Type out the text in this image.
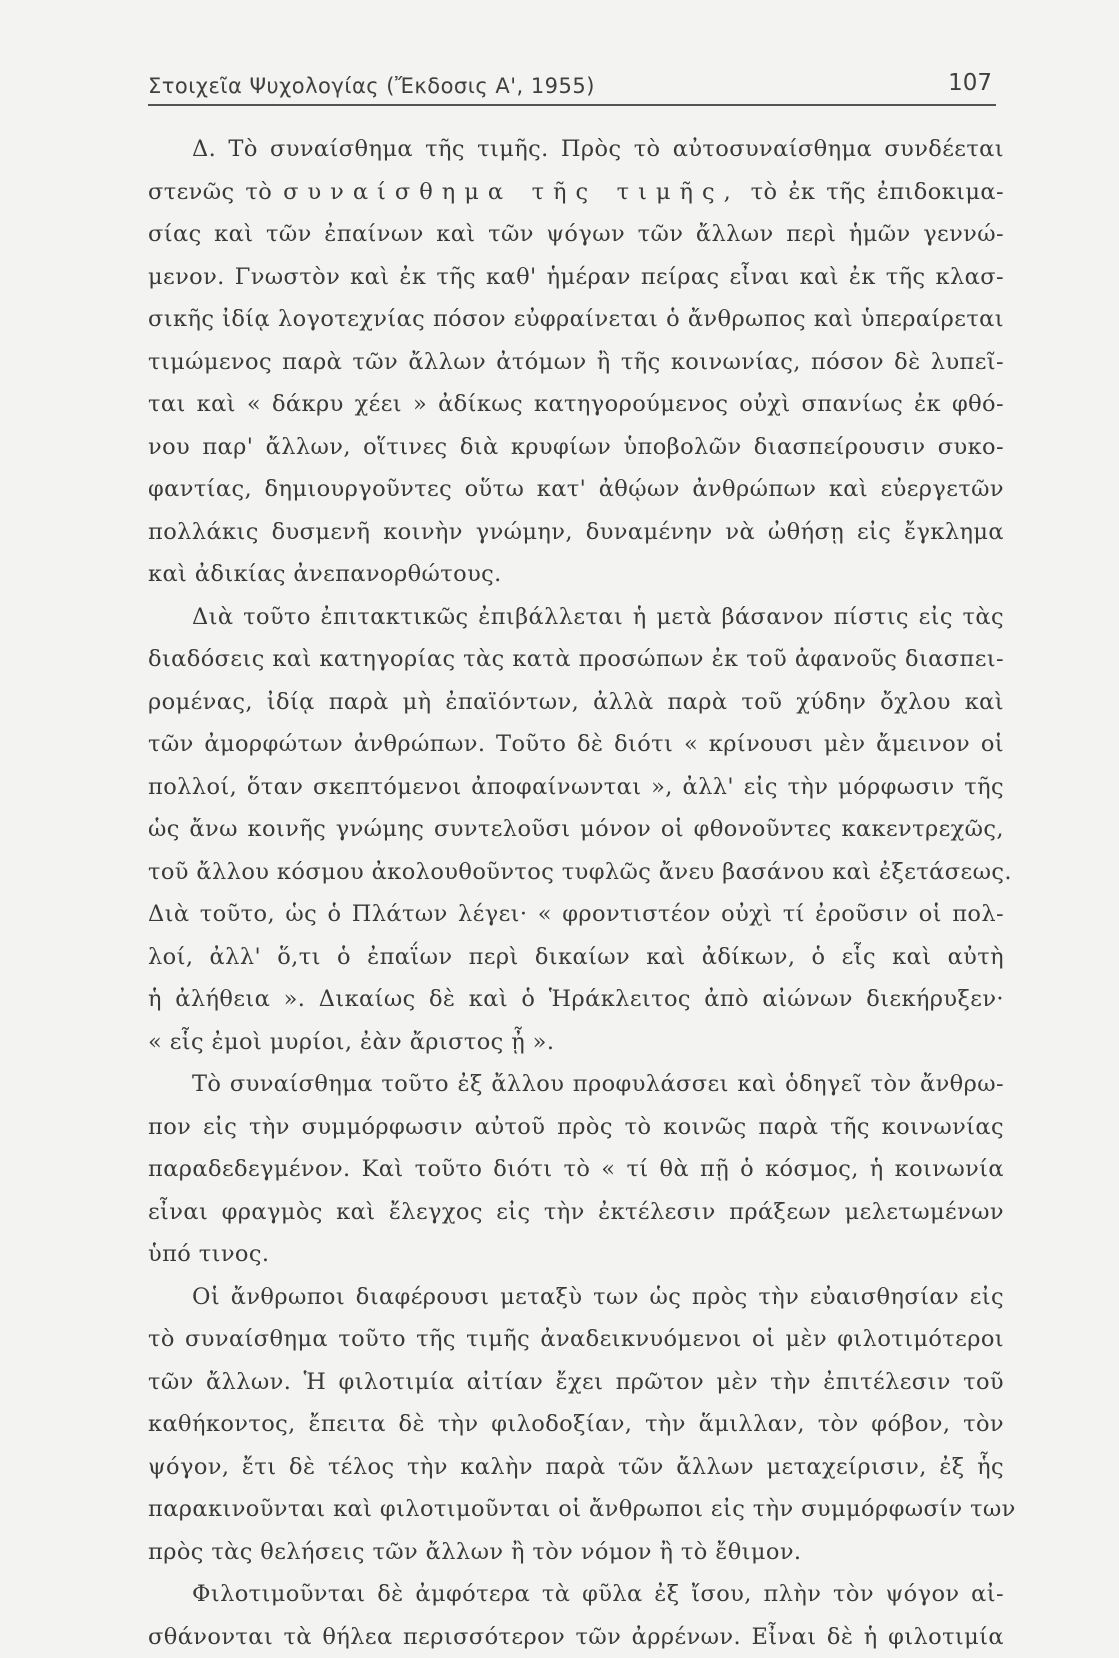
Στοιχεῖα Ψυχολογίας (Ἔκδοσις Α', 1955)	107
Δ. Τὸ συναίσθημα τῆς τιμῆς. Πρὸς τὸ αὐτοσυναίσθημα συνδέεται
στενῶς τὸ συναίσθημα τῆς τιμῆς, τὸ ἐκ τῆς ἐπιδοκιμα-
σίας καὶ τῶν ἐπαίνων καὶ τῶν ψόγων τῶν ἄλλων περὶ ἡμῶν γεννώ-
μενον. Γνωστὸν καὶ ἐκ τῆς καθ' ἡμέραν πείρας εἶναι καὶ ἐκ τῆς κλασ-
σικῆς ἰδίᾳ λογοτεχνίας πόσον εὐφραίνεται ὁ ἄνθρωπος καὶ ὑπεραίρεται
τιμώμενος παρὰ τῶν ἄλλων ἀτόμων ἢ τῆς κοινωνίας, πόσον δὲ λυπεῖ-
ται καὶ « δάκρυ χέει » ἀδίκως κατηγορούμενος οὐχὶ σπανίως ἐκ φθό-
νου παρ' ἄλλων, οἵτινες διὰ κρυφίων ὑποβολῶν διασπείρουσιν συκο-
φαντίας, δημιουργοῦντες οὕτω κατ' ἀθῴων ἀνθρώπων καὶ εὐεργετῶν
πολλάκις δυσμενῆ κοινὴν γνώμην, δυναμένην νὰ ὠθήσῃ εἰς ἔγκλημα
καὶ ἀδικίας ἀνεπανορθώτους.
Διὰ τοῦτο ἐπιτακτικῶς ἐπιβάλλεται ἡ μετὰ βάσανον πίστις εἰς τὰς
διαδόσεις καὶ κατηγορίας τὰς κατὰ προσώπων ἐκ τοῦ ἀφανοῦς διασπει-
ρομένας, ἰδίᾳ παρὰ μὴ ἐπαϊόντων, ἀλλὰ παρὰ τοῦ χύδην ὄχλου καὶ
τῶν ἀμορφώτων ἀνθρώπων. Τοῦτο δὲ διότι « κρίνουσι μὲν ἄμεινον οἱ
πολλοί, ὅταν σκεπτόμενοι ἀποφαίνωνται », ἀλλ' εἰς τὴν μόρφωσιν τῆς
ὡς ἄνω κοινῆς γνώμης συντελοῦσι μόνον οἱ φθονοῦντες κακεντρεχῶς,
τοῦ ἄλλου κόσμου ἀκολουθοῦντος τυφλῶς ἄνευ βασάνου καὶ ἐξετάσεως.
Διὰ τοῦτο, ὡς ὁ Πλάτων λέγει· « φροντιστέον οὐχὶ τί ἐροῦσιν οἱ πολ-
λοί, ἀλλ' ὅ,τι ὁ ἐπαΐων περὶ δικαίων καὶ ἀδίκων, ὁ εἷς καὶ αὐτὴ
ἡ ἀλήθεια ». Δικαίως δὲ καὶ ὁ Ἡράκλειτος ἀπὸ αἰώνων διεκήρυξεν·
« εἷς ἐμοὶ μυρίοι, ἐὰν ἄριστος ᾖ ».
Τὸ συναίσθημα τοῦτο ἐξ ἄλλου προφυλάσσει καὶ ὁδηγεῖ τὸν ἄνθρω-
πον εἰς τὴν συμμόρφωσιν αὐτοῦ πρὸς τὸ κοινῶς παρὰ τῆς κοινωνίας
παραδεδεγμένον. Καὶ τοῦτο διότι τὸ « τί θὰ πῇ ὁ κόσμος, ἡ κοινωνία
εἶναι φραγμὸς καὶ ἔλεγχος εἰς τὴν ἐκτέλεσιν πράξεων μελετωμένων
ὑπό τινος.
Οἱ ἄνθρωποι διαφέρουσι μεταξὺ των ὡς πρὸς τὴν εὐαισθησίαν εἰς
τὸ συναίσθημα τοῦτο τῆς τιμῆς ἀναδεικνυόμενοι οἱ μὲν φιλοτιμότεροι
τῶν ἄλλων. Ἡ φιλοτιμία αἰτίαν ἔχει πρῶτον μὲν τὴν ἐπιτέλεσιν τοῦ
καθήκοντος, ἔπειτα δὲ τὴν φιλοδοξίαν, τὴν ἅμιλλαν, τὸν φόβον, τὸν
ψόγον, ἔτι δὲ τέλος τὴν καλὴν παρὰ τῶν ἄλλων μεταχείρισιν, ἐξ ἧς
παρακινοῦνται καὶ φιλοτιμοῦνται οἱ ἄνθρωποι εἰς τὴν συμμόρφωσίν των
πρὸς τὰς θελήσεις τῶν ἄλλων ἢ τὸν νόμον ἢ τὸ ἔθιμον.
Φιλοτιμοῦνται δὲ ἀμφότερα τὰ φῦλα ἐξ ἴσου, πλὴν τὸν ψόγον αἰ-
σθάνονται τὰ θήλεα περισσότερον τῶν ἀρρένων. Εἶναι δὲ ἡ φιλοτιμία
